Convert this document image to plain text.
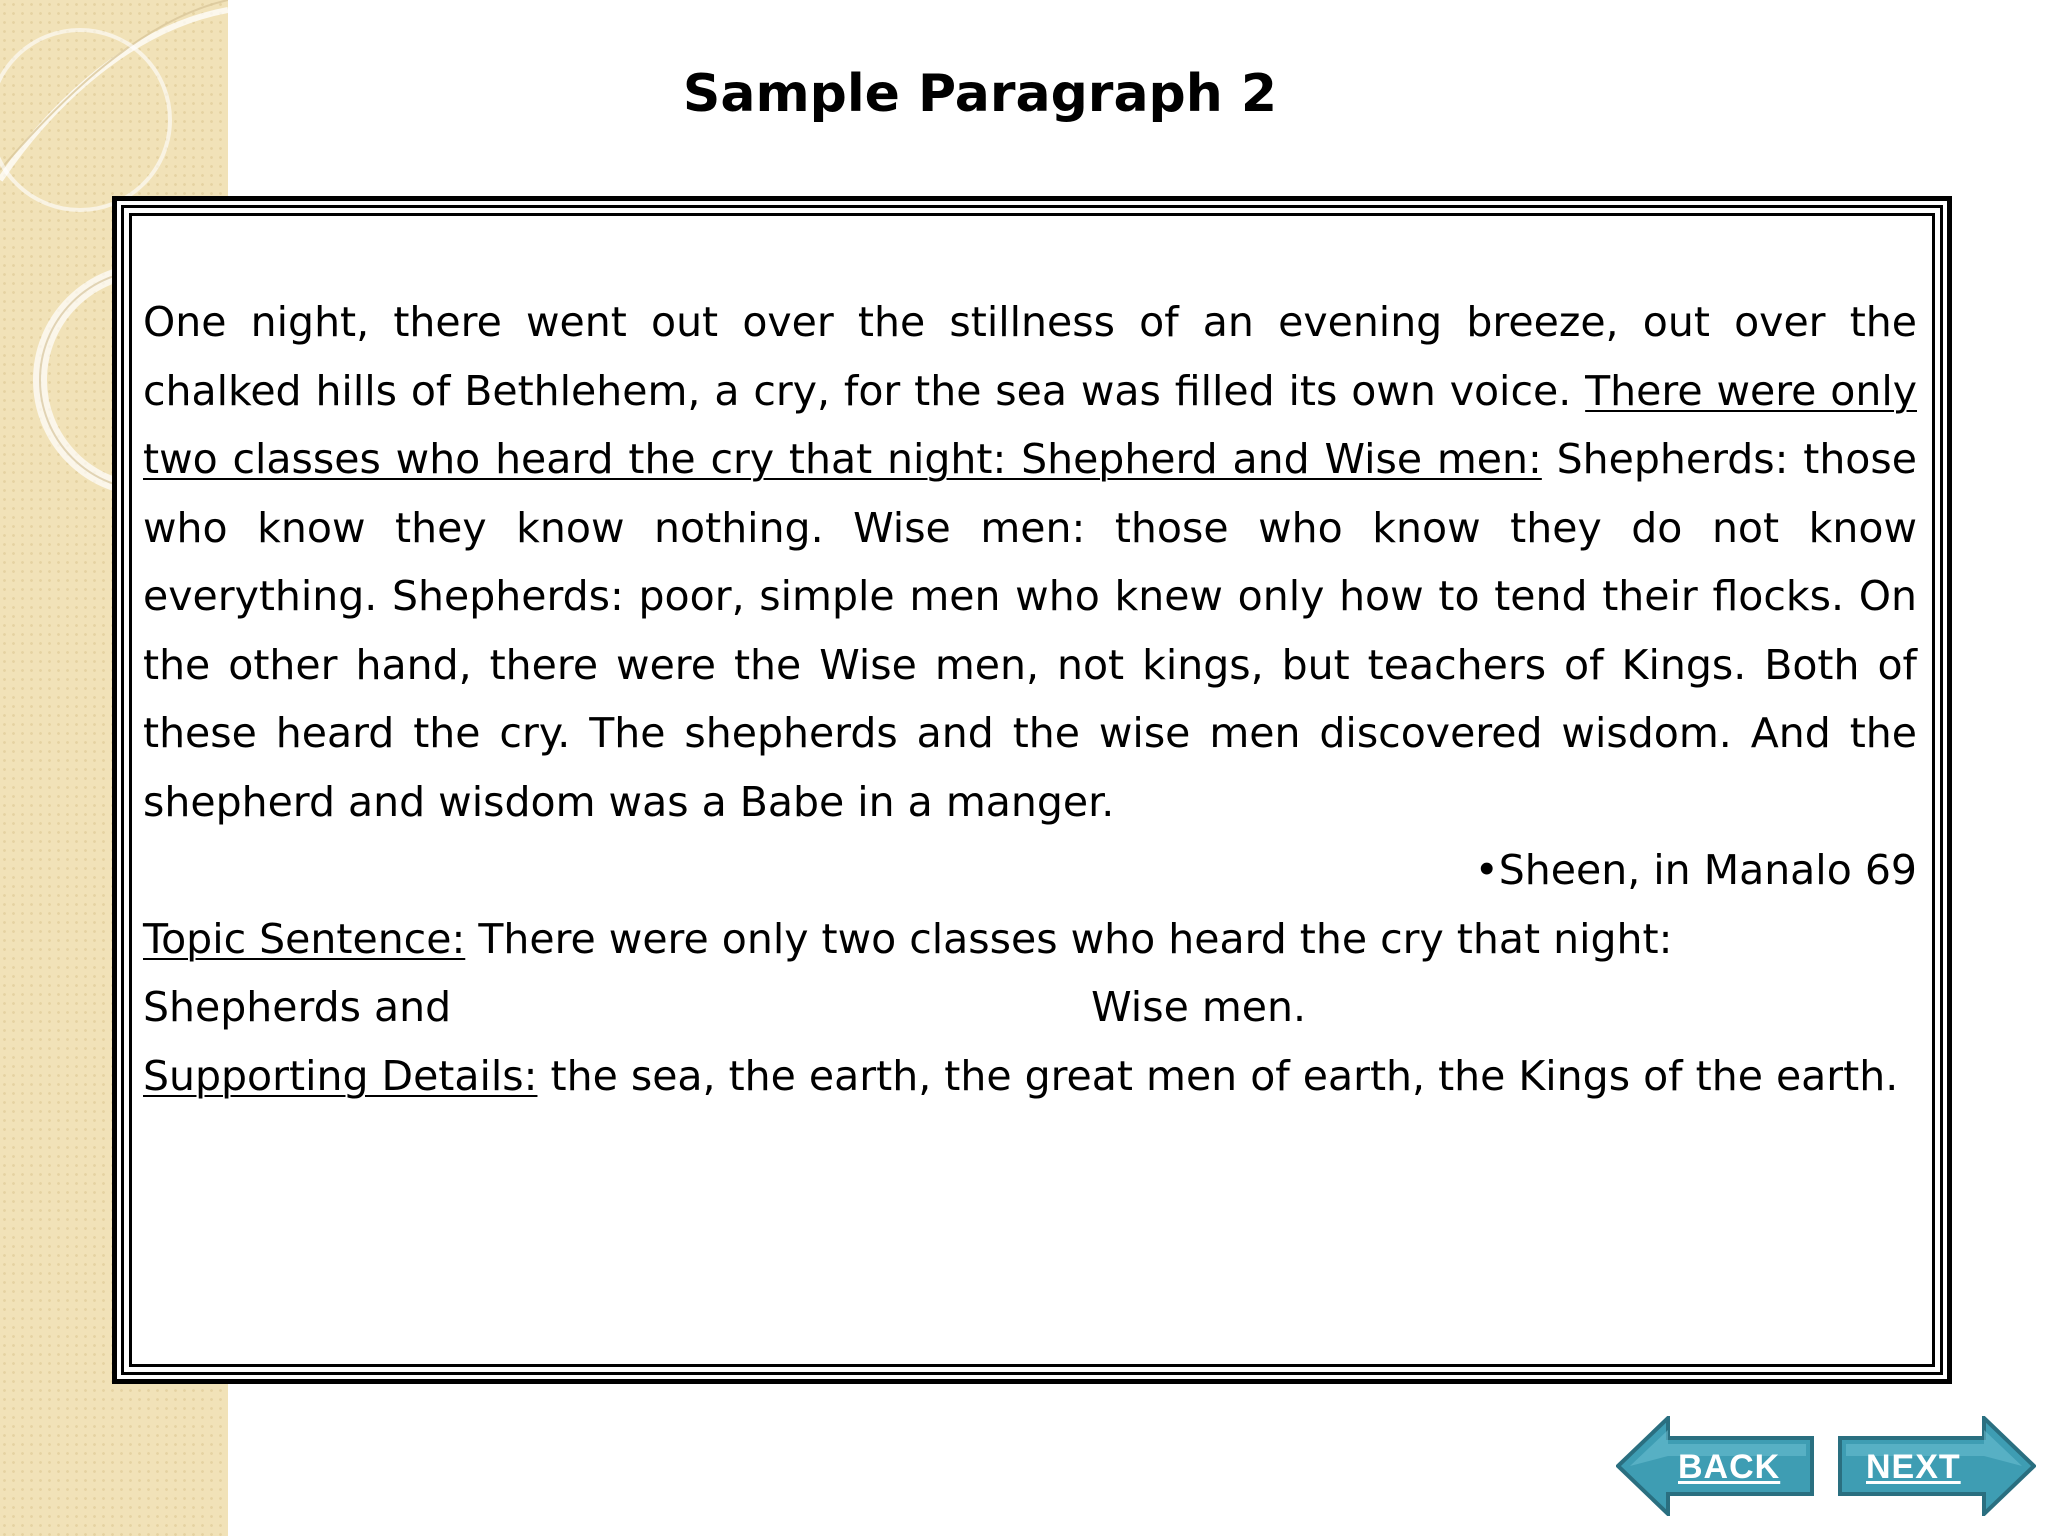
Sample Paragraph 2

One night, there went out over the stillness of an evening breeze, out over the chalked hills of Bethlehem, a cry, for the sea was filled its own voice. There were only two classes who heard the cry that night: Shepherd and Wise men: Shepherds: those who know they know nothing. Wise men: those who know they do not know everything. Shepherds: poor, simple men who knew only how to tend their flocks. On the other hand, there were the Wise men, not kings, but teachers of Kings. Both of these heard the cry. The shepherds and the wise men discovered wisdom. And the shepherd and wisdom was a Babe in a manger.

•Sheen, in Manalo 69

Topic Sentence: There were only two classes who heard the cry that night:

Shepherds and	Wise men.

Supporting Details: the sea, the earth, the great men of earth, the Kings of the earth.

BACK	NEXT
